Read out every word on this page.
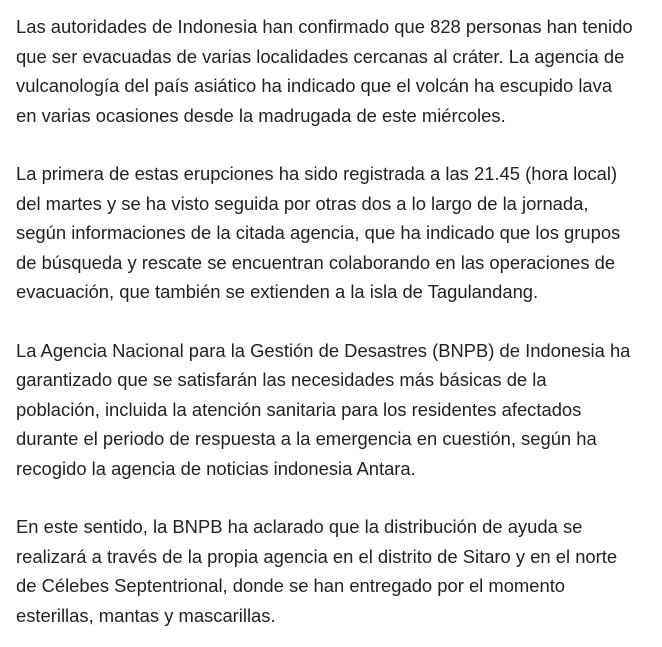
Las autoridades de Indonesia han confirmado que 828 personas han tenido
que ser evacuadas de varias localidades cercanas al cráter. La agencia de
vulcanología del país asiático ha indicado que el volcán ha escupido lava
en varias ocasiones desde la madrugada de este miércoles.

La primera de estas erupciones ha sido registrada a las 21.45 (hora local)
del martes y se ha visto seguida por otras dos a lo largo de la jornada,
según informaciones de la citada agencia, que ha indicado que los grupos
de búsqueda y rescate se encuentran colaborando en las operaciones de
evacuación, que también se extienden a la isla de Tagulandang.

La Agencia Nacional para la Gestión de Desastres (BNPB) de Indonesia ha
garantizado que se satisfarán las necesidades más básicas de la
población, incluida la atención sanitaria para los residentes afectados
durante el periodo de respuesta a la emergencia en cuestión, según ha
recogido la agencia de noticias indonesia Antara.

En este sentido, la BNPB ha aclarado que la distribución de ayuda se
realizará a través de la propia agencia en el distrito de Sitaro y en el norte
de Célebes Septentrional, donde se han entregado por el momento
esterillas, mantas y mascarillas.
